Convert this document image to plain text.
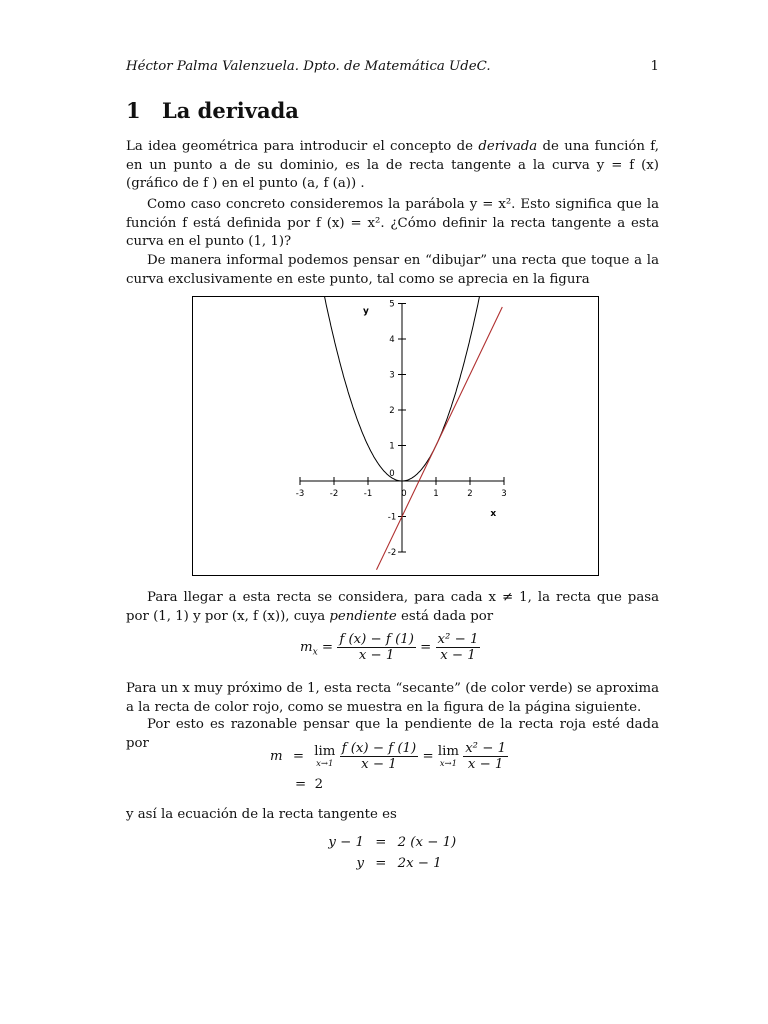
Héctor Palma Valenzuela. Dpto. de Matemática UdeC.	1
1 La derivada
La idea geométrica para introducir el concepto de derivada de una función f, en un punto a de su dominio, es la de recta tangente a la curva y = f (x) (gráfico de f ) en el punto (a, f (a)) .
Como caso concreto consideremos la parábola y = x². Esto significa que la función f está definida por f (x) = x². ¿Cómo definir la recta tangente a esta curva en el punto (1, 1)?
De manera informal podemos pensar en “dibujar” una recta que toque a la curva exclusivamente en este punto, tal como se aprecia en la figura
-3	-2	-1	0	1	2	3
-2
-1
0
1
2
3
4
5
y
x
Para llegar a esta recta se considera, para cada x ≠ 1, la recta que pasa por (1, 1) y por (x, f (x)), cuya pendiente está dada por
$m_x = \frac{f (x) - f (1)}{x - 1} = \frac{\text{x² − 1}}{x - 1}$
Para un x muy próximo de 1, esta recta “secante” (de color verde) se aproxima a la recta de color rojo, como se muestra en la figura de la página siguiente.
Por esto es razonable pensar que la pendiente de la recta roja esté dada por
m = lim
x→1
$\frac{f (x) - f (1)}{x - 1} = \lim$
x→1
$\frac{\text{x² − 1}}{x - 1}$
= 2
y así la ecuación de la recta tangente es
y − 1 = 2 (x − 1)
y = 2x − 1
